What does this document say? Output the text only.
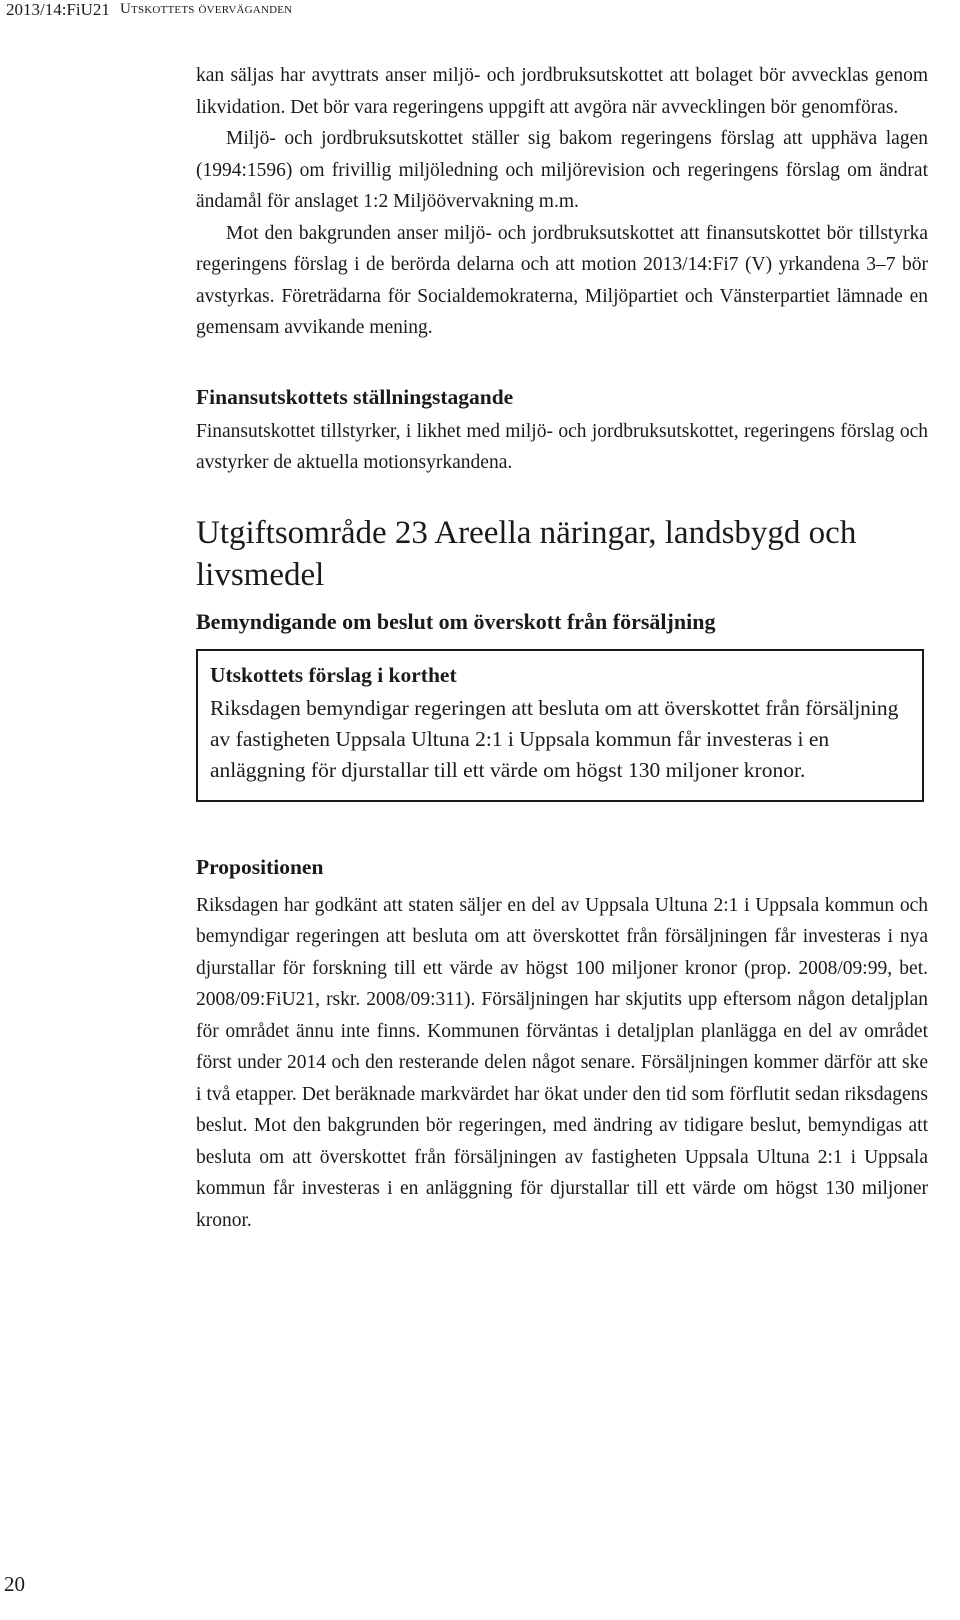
2013/14:FiU21 Utskottets överväganden

kan säljas har avyttrats anser miljö- och jordbruksutskottet att bolaget bör avvecklas genom likvidation. Det bör vara regeringens uppgift att avgöra när avvecklingen bör genomföras.

Miljö- och jordbruksutskottet ställer sig bakom regeringens förslag att upphäva lagen (1994:1596) om frivillig miljöledning och miljörevision och regeringens förslag om ändrat ändamål för anslaget 1:2 Miljöövervakning m.m.

Mot den bakgrunden anser miljö- och jordbruksutskottet att finansutskottet bör tillstyrka regeringens förslag i de berörda delarna och att motion 2013/14:Fi7 (V) yrkandena 3–7 bör avstyrkas. Företrädarna för Socialdemokraterna, Miljöpartiet och Vänsterpartiet lämnade en gemensam avvikande mening.

Finansutskottets ställningstagande

Finansutskottet tillstyrker, i likhet med miljö- och jordbruksutskottet, regeringens förslag och avstyrker de aktuella motionsyrkandena.

Utgiftsområde 23 Areella näringar, landsbygd och livsmedel
Bemyndigande om beslut om överskott från försäljning
Utskottets förslag i korthet
Riksdagen bemyndigar regeringen att besluta om att överskottet från försäljning av fastigheten Uppsala Ultuna 2:1 i Uppsala kommun får investeras i en anläggning för djurstallar till ett värde om högst 130 miljoner kronor.
Propositionen

Riksdagen har godkänt att staten säljer en del av Uppsala Ultuna 2:1 i Uppsala kommun och bemyndigar regeringen att besluta om att överskottet från försäljningen får investeras i nya djurstallar för forskning till ett värde av högst 100 miljoner kronor (prop. 2008/09:99, bet. 2008/09:FiU21, rskr. 2008/09:311). Försäljningen har skjutits upp eftersom någon detaljplan för området ännu inte finns. Kommunen förväntas i detaljplan planlägga en del av området först under 2014 och den resterande delen något senare. Försäljningen kommer därför att ske i två etapper. Det beräknade markvärdet har ökat under den tid som förflutit sedan riksdagens beslut. Mot den bakgrunden bör regeringen, med ändring av tidigare beslut, bemyndigas att besluta om att överskottet från försäljningen av fastigheten Uppsala Ultuna 2:1 i Uppsala kommun får investeras i en anläggning för djurstallar till ett värde om högst 130 miljoner kronor.

20
